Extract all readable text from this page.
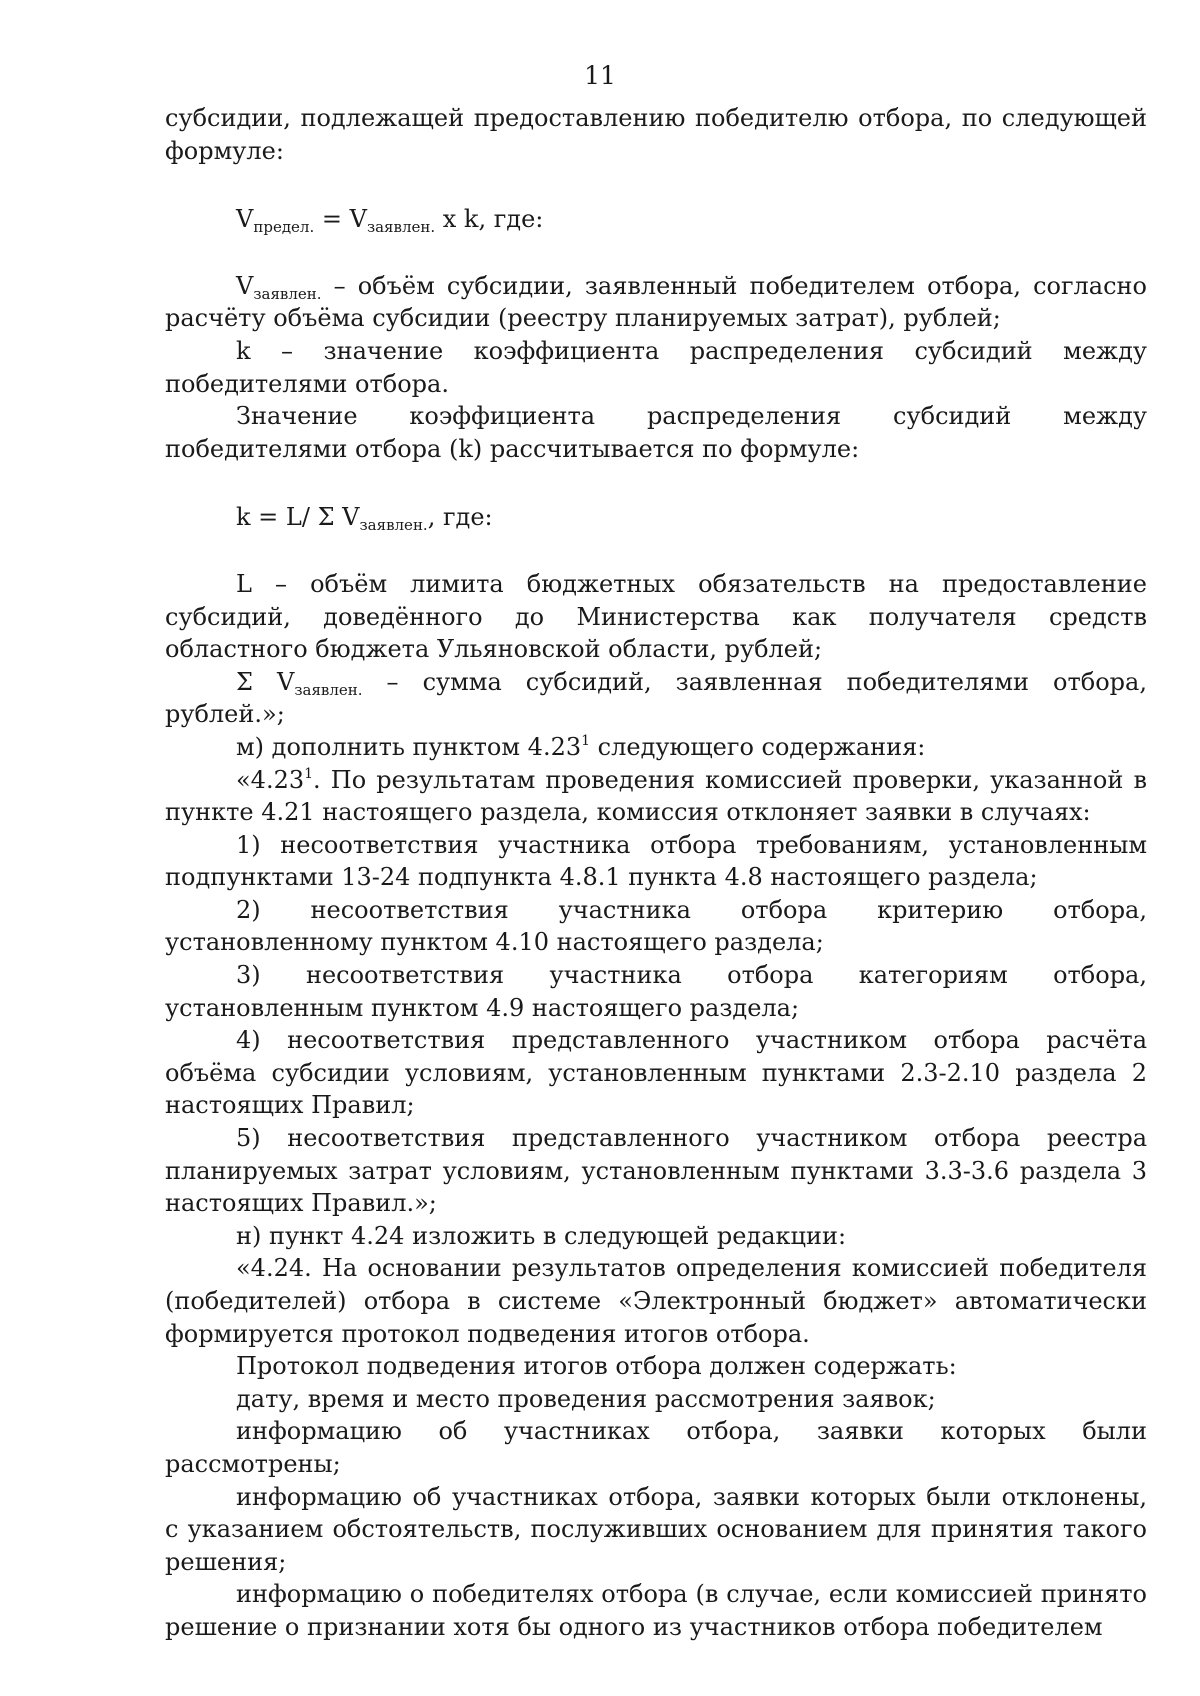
11

субсидии, подлежащей предоставлению победителю отбора, по следующей формуле:

$V_{предел.} = V_{заявлен.}$ x k, где:

$V_{заявлен.}$ – объём субсидии, заявленный победителем отбора, согласно расчёту объёма субсидии (реестру планируемых затрат), рублей;

k – значение коэффициента распределения субсидий между победителями отбора.

Значение коэффициента распределения субсидий между победителями отбора (k) рассчитывается по формуле:

k = L/ Σ $V_{заявлен.}$, где:

L – объём лимита бюджетных обязательств на предоставление субсидий, доведённого до Министерства как получателя средств областного бюджета Ульяновской области, рублей;

Σ $V_{заявлен.}$ – сумма субсидий, заявленная победителями отбора, рублей.»;

м) дополнить пунктом 4.23$^1$ следующего содержания:

«4.23$^1$. По результатам проведения комиссией проверки, указанной в пункте 4.21 настоящего раздела, комиссия отклоняет заявки в случаях:

1) несоответствия участника отбора требованиям, установленным подпунктами 13-24 подпункта 4.8.1 пункта 4.8 настоящего раздела;

2) несоответствия участника отбора критерию отбора, установленному пунктом 4.10 настоящего раздела;

3) несоответствия участника отбора категориям отбора, установленным пунктом 4.9 настоящего раздела;

4) несоответствия представленного участником отбора расчёта объёма субсидии условиям, установленным пунктами 2.3-2.10 раздела 2 настоящих Правил;

5) несоответствия представленного участником отбора реестра планируемых затрат условиям, установленным пунктами 3.3-3.6 раздела 3 настоящих Правил.»;

н) пункт 4.24 изложить в следующей редакции:

«4.24. На основании результатов определения комиссией победителя (победителей) отбора в системе «Электронный бюджет» автоматически формируется протокол подведения итогов отбора.

Протокол подведения итогов отбора должен содержать:

дату, время и место проведения рассмотрения заявок;

информацию об участниках отбора, заявки которых были рассмотрены;

информацию об участниках отбора, заявки которых были отклонены, с указанием обстоятельств, послуживших основанием для принятия такого решения;

информацию о победителях отбора (в случае, если комиссией принято решение о признании хотя бы одного из участников отбора победителем
